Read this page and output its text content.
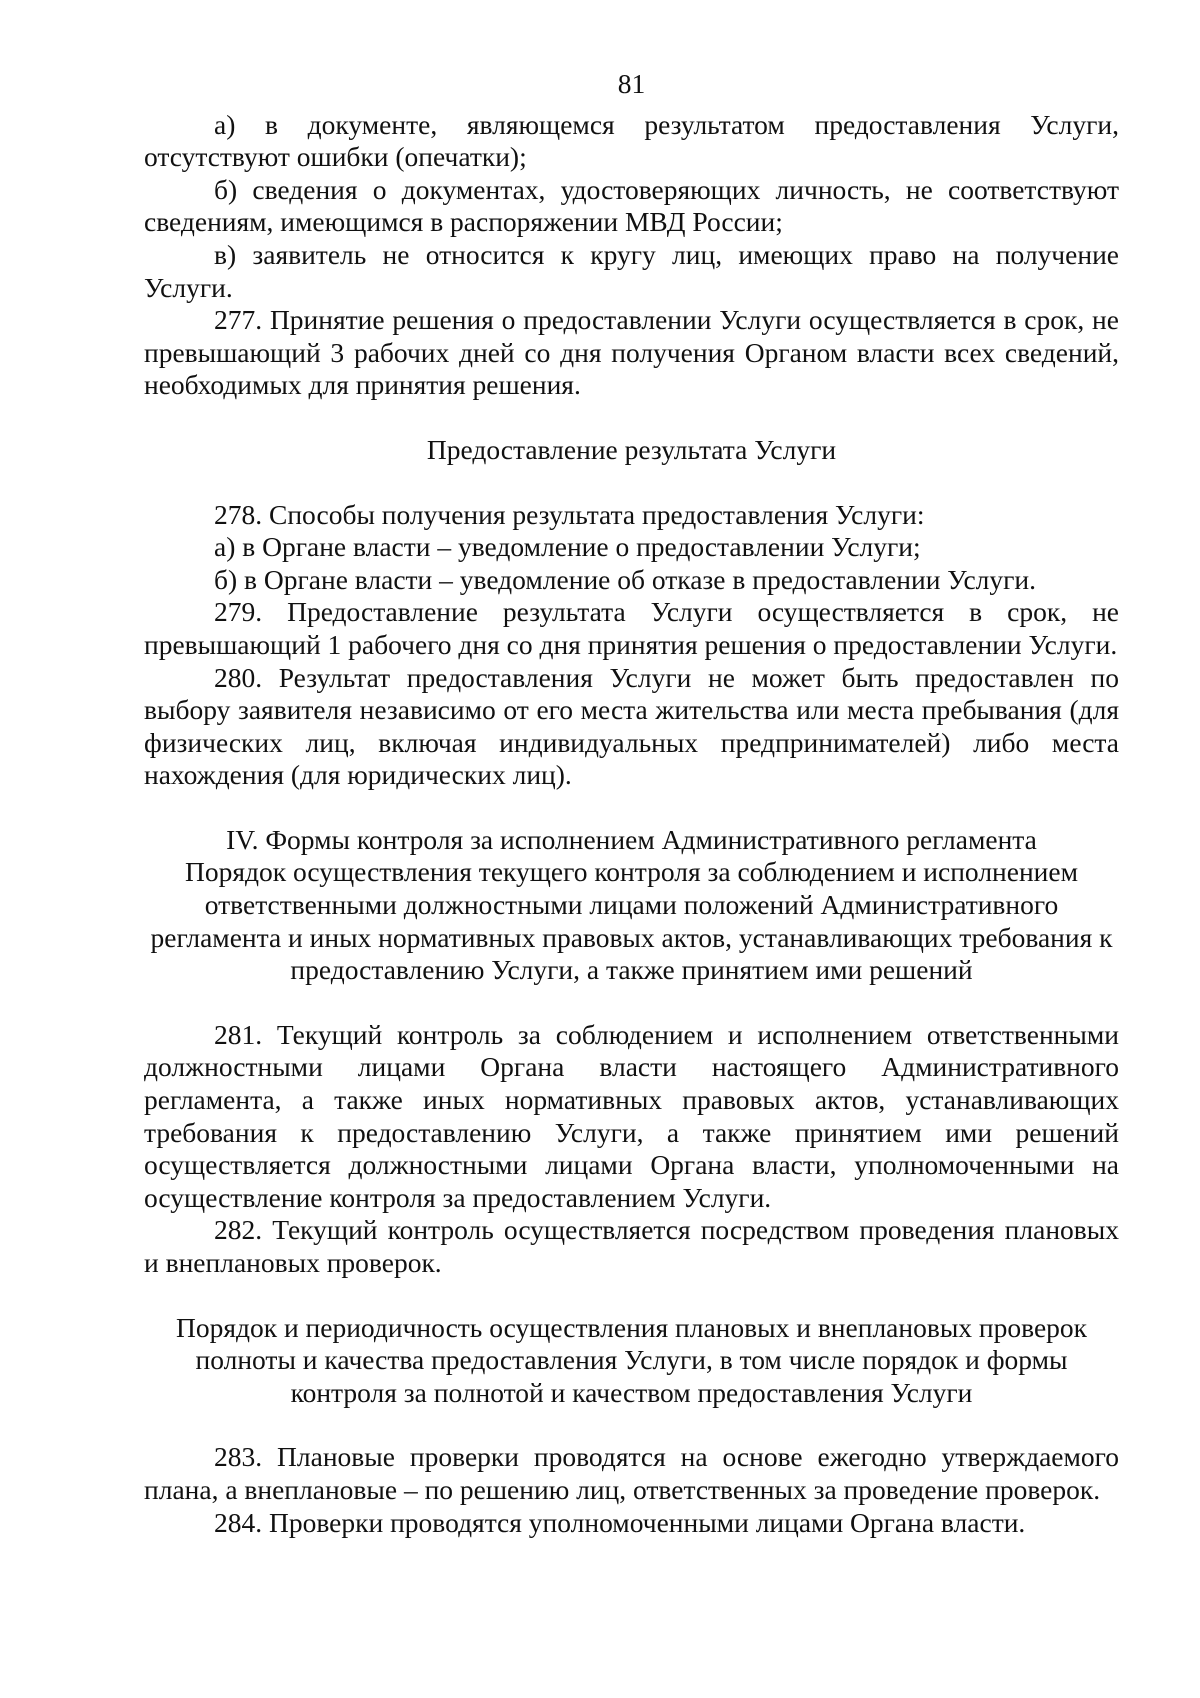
81

а) в документе, являющемся результатом предоставления Услуги, отсутствуют ошибки (опечатки);

б) сведения о документах, удостоверяющих личность, не соответствуют сведениям, имеющимся в распоряжении МВД России;

в) заявитель не относится к кругу лиц, имеющих право на получение Услуги.

277. Принятие решения о предоставлении Услуги осуществляется в срок, не превышающий 3 рабочих дней со дня получения Органом власти всех сведений, необходимых для принятия решения.

Предоставление результата Услуги

278. Способы получения результата предоставления Услуги:

а) в Органе власти – уведомление о предоставлении Услуги;

б) в Органе власти – уведомление об отказе в предоставлении Услуги.

279. Предоставление результата Услуги осуществляется в срок, не превышающий 1 рабочего дня со дня принятия решения о предоставлении Услуги.

280. Результат предоставления Услуги не может быть предоставлен по выбору заявителя независимо от его места жительства или места пребывания (для физических лиц, включая индивидуальных предпринимателей) либо места нахождения (для юридических лиц).

IV. Формы контроля за исполнением Административного регламента

Порядок осуществления текущего контроля за соблюдением и исполнением ответственными должностными лицами положений Административного регламента и иных нормативных правовых актов, устанавливающих требования к предоставлению Услуги, а также принятием ими решений

281. Текущий контроль за соблюдением и исполнением ответственными должностными лицами Органа власти настоящего Административного регламента, а также иных нормативных правовых актов, устанавливающих требования к предоставлению Услуги, а также принятием ими решений осуществляется должностными лицами Органа власти, уполномоченными на осуществление контроля за предоставлением Услуги.

282. Текущий контроль осуществляется посредством проведения плановых и внеплановых проверок.

Порядок и периодичность осуществления плановых и внеплановых проверок полноты и качества предоставления Услуги, в том числе порядок и формы контроля за полнотой и качеством предоставления Услуги

283. Плановые проверки проводятся на основе ежегодно утверждаемого плана, а внеплановые – по решению лиц, ответственных за проведение проверок.

284. Проверки проводятся уполномоченными лицами Органа власти.
